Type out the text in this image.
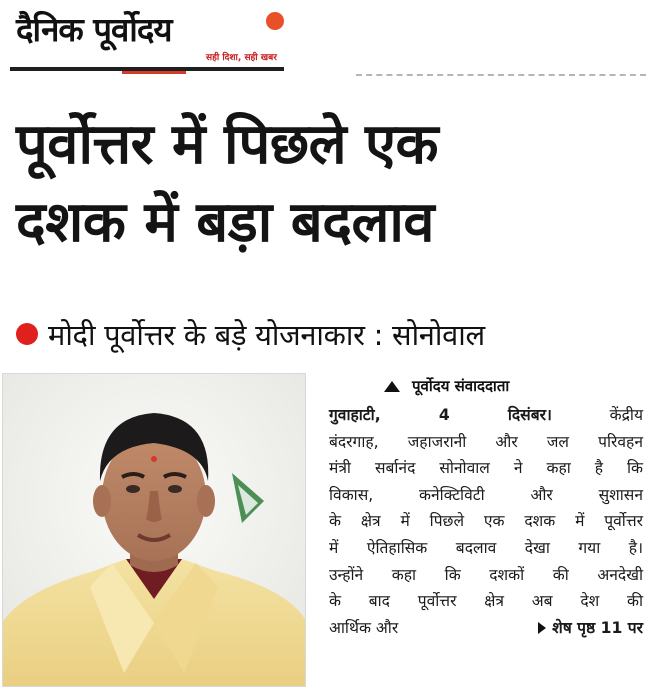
दैनिक पूर्वोदय
सही दिशा, सही खबर
पूर्वोत्तर में पिछले एक
दशक में बड़ा बदलाव
मोदी पूर्वोत्तर के बड़े योजनाकार : सोनोवाल
पूर्वोदय संवाददाता
गुवाहाटी, 4 दिसंबर।	केंद्रीय
बंदरगाह, जहाजरानी और जल परिवहन
मंत्री सर्बानंद सोनोवाल ने कहा है कि
विकास, कनेक्टिविटी और सुशासन
के क्षेत्र में पिछले एक दशक में पूर्वोत्तर
में ऐतिहासिक बदलाव देखा गया है।
उन्होंने कहा कि दशकों की अनदेखी
के बाद पूर्वोत्तर क्षेत्र अब देश की
आर्थिक और	शेष पृष्ठ 11 पर
